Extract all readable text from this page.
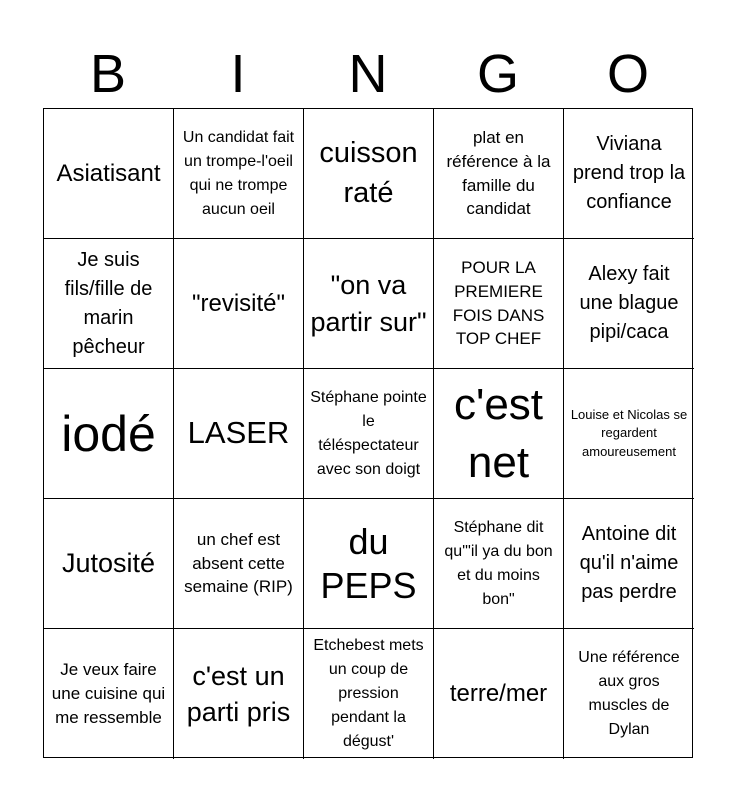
B	I	N	G	O
Asiatisant
Un candidat fait un trompe-l'oeil qui ne trompe aucun oeil
cuisson raté
plat en référence à la famille du candidat
Viviana prend trop la confiance
Je suis fils/fille de marin pêcheur
"revisité"
"on va partir sur"
POUR LA PREMIERE FOIS DANS TOP CHEF
Alexy fait une blague pipi/caca
iodé LASER
Stéphane pointe le téléspectateur avec son doigt
c'est net
Louise et Nicolas se regardent amoureusement
Jutosité
un chef est absent cette semaine (RIP)
du PEPS
Stéphane dit qu'"il ya du bon et du moins bon"
Antoine dit qu'il n'aime pas perdre
Je veux faire une cuisine qui me ressemble
c'est un parti pris
Etchebest mets un coup de pression pendant la dégust'
terre/mer
Une référence aux gros muscles de Dylan
